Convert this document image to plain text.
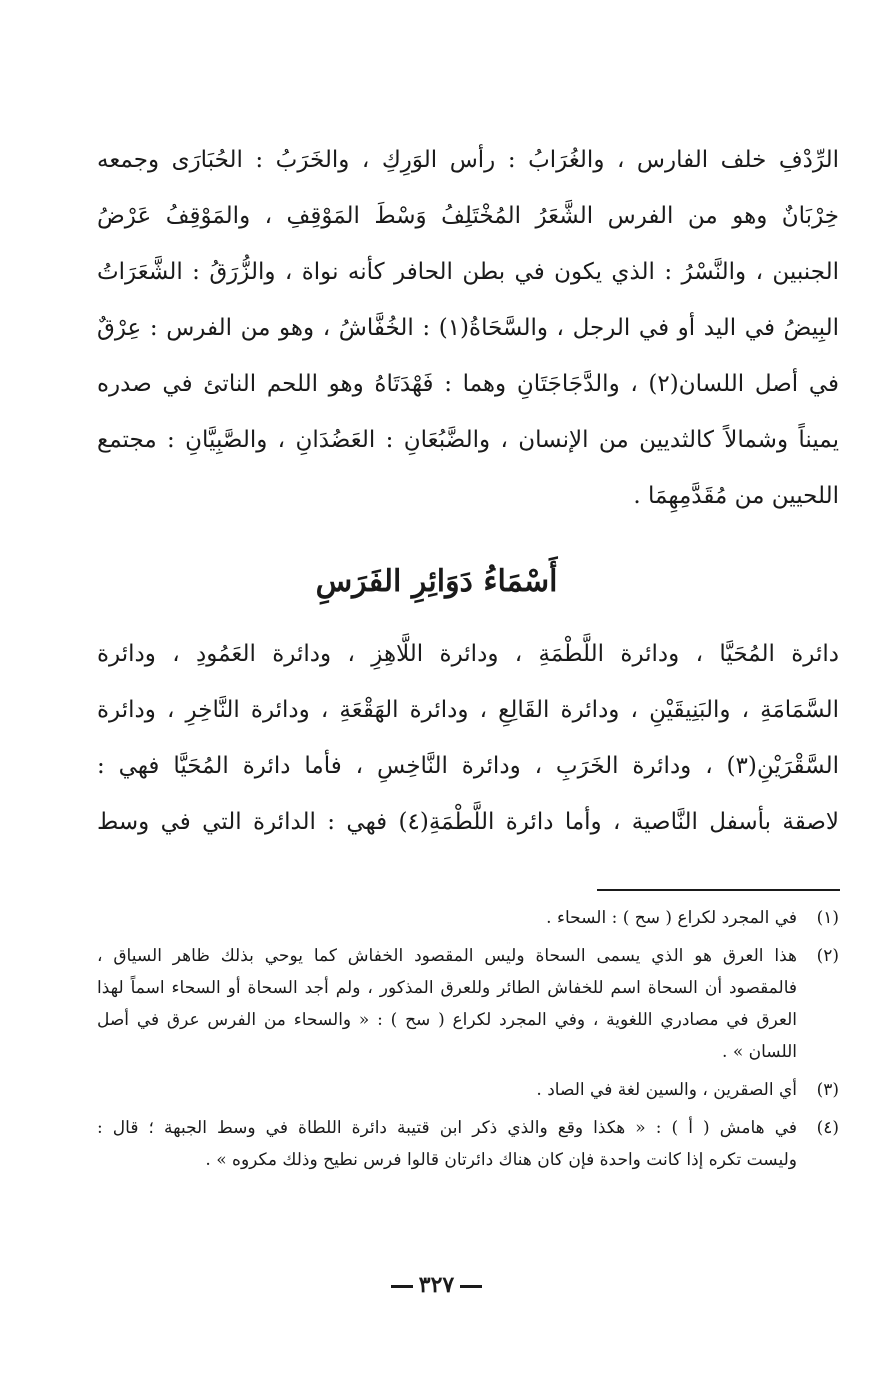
الرِّدْفِ خلف الفارس ، والغُرَابُ : رأس الوَرِكِ ، والخَرَبُ : الحُبَارَى وجمعه
خِرْبَانٌ وهو من الفرس الشَّعَرُ المُخْتَلِفُ وَسْطَ المَوْقِفِ ، والمَوْقِفُ عَرْضُ
الجنبين ، والنَّسْرُ : الذي يكون في بطن الحافر كأنه نواة ، والزُّرَقُ : الشَّعَرَاتُ
البِيضُ في اليد أو في الرجل ، والسَّحَاةُ(١) : الخُفَّاشُ ، وهو من الفرس : عِرْقٌ
في أصل اللسان(٢) ، والدَّجَاجَتَانِ وهما : فَهْدَتَاهُ وهو اللحم الناتئ في صدره
يميناً وشمالاً كالثديين من الإنسان ، والضَّبُعَانِ : العَضُدَانِ ، والصَّبِيَّانِ : مجتمع
اللحيين من مُقَدَّمِهِمَا .
أَسْمَاءُ دَوَائِرِ الفَرَسِ
دائرة المُحَيَّا ، ودائرة اللَّطْمَةِ ، ودائرة اللَّاهِزِ ، ودائرة العَمُودِ ، ودائرة
السَّمَامَةِ ، والبَنِيقَيْنِ ، ودائرة القَالِعِ ، ودائرة الهَقْعَةِ ، ودائرة النَّاخِرِ ، ودائرة
السَّقْرَيْنِ(٣) ، ودائرة الخَرَبِ ، ودائرة النَّاخِسِ ، فأما دائرة المُحَيَّا فهي :
لاصقة بأسفل النَّاصية ، وأما دائرة اللَّطْمَةِ(٤) فهي : الدائرة التي في وسط
(١)
في المجرد لكراع ( سح ) : السحاء .
(٢)
هذا العرق هو الذي يسمى السحاة وليس المقصود الخفاش كما يوحي بذلك ظاهر السياق ،
فالمقصود أن السحاة اسم للخفاش الطائر وللعرق المذكور ، ولم أجد السحاة أو السحاء اسماً لهذا
العرق في مصادري اللغوية ، وفي المجرد لكراع ( سح ) : « والسحاء من الفرس عرق في أصل
اللسان » .
(٣)
أي الصقرين ، والسين لغة في الصاد .
(٤)
في هامش ( أ ) : « هكذا وقع والذي ذكر ابن قتيبة دائرة اللطاة في وسط الجبهة ؛ قال :
وليست تكره إذا كانت واحدة فإن كان هناك دائرتان قالوا فرس نطيح وذلك مكروه » .
٣٢٧
